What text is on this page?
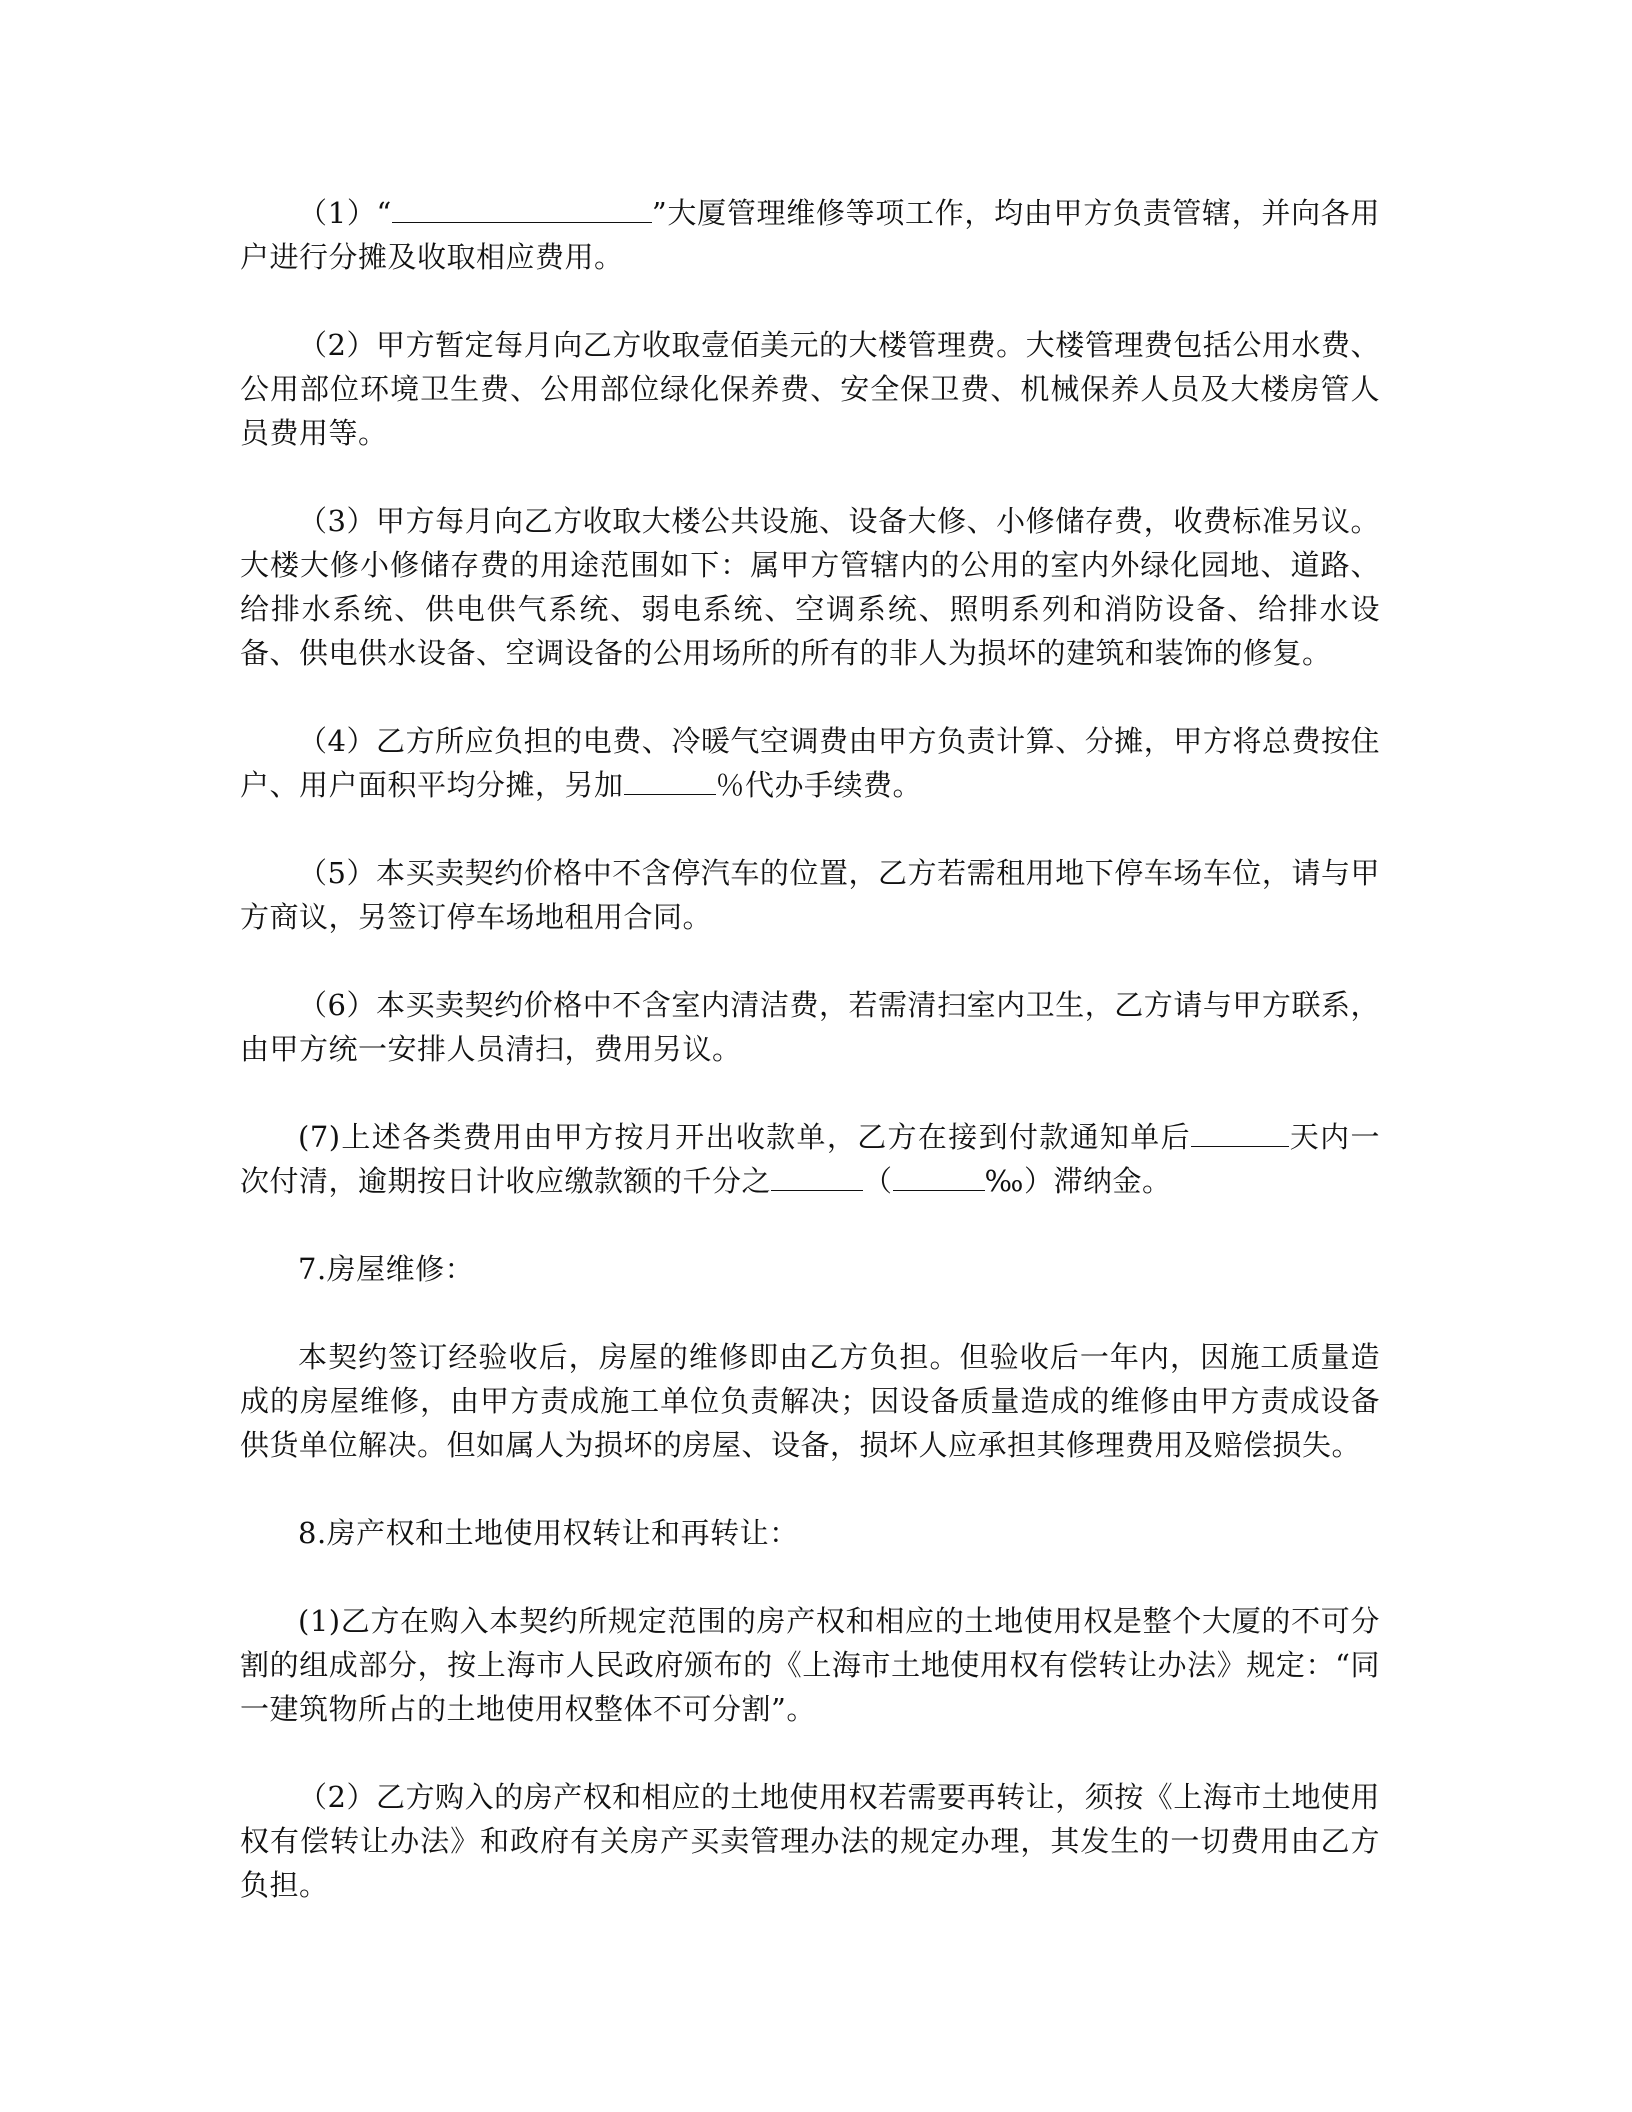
（1）“	”大厦管理维修等项工作，均由甲方负责管辖，并向各用户进行分摊及收取相应费用。

（2）甲方暂定每月向乙方收取壹佰美元的大楼管理费。大楼管理费包括公用水费、公用部位环境卫生费、公用部位绿化保养费、安全保卫费、机械保养人员及大楼房管人员费用等。

（3）甲方每月向乙方收取大楼公共设施、设备大修、小修储存费，收费标准另议。大楼大修小修储存费的用途范围如下：属甲方管辖内的公用的室内外绿化园地、道路、给排水系统、供电供气系统、弱电系统、空调系统、照明系列和消防设备、给排水设备、供电供水设备、空调设备的公用场所的所有的非人为损坏的建筑和装饰的修复。

（4）乙方所应负担的电费、冷暖气空调费由甲方负责计算、分摊，甲方将总费按住户、用户面积平均分摊，另加	％代办手续费。

（5）本买卖契约价格中不含停汽车的位置，乙方若需租用地下停车场车位，请与甲方商议，另签订停车场地租用合同。

（6）本买卖契约价格中不含室内清洁费，若需清扫室内卫生，乙方请与甲方联系，由甲方统一安排人员清扫，费用另议。

(7)上述各类费用由甲方按月开出收款单，乙方在接到付款通知单后	天内一次付清，逾期按日计收应缴款额的千分之	（	‰）滞纳金。

7.房屋维修：

本契约签订经验收后，房屋的维修即由乙方负担。但验收后一年内，因施工质量造成的房屋维修，由甲方责成施工单位负责解决；因设备质量造成的维修由甲方责成设备供货单位解决。但如属人为损坏的房屋、设备，损坏人应承担其修理费用及赔偿损失。

8.房产权和土地使用权转让和再转让：

(1)乙方在购入本契约所规定范围的房产权和相应的土地使用权是整个大厦的不可分割的组成部分，按上海市人民政府颁布的《上海市土地使用权有偿转让办法》规定：“同一建筑物所占的土地使用权整体不可分割”。

（2）乙方购入的房产权和相应的土地使用权若需要再转让，须按《上海市土地使用权有偿转让办法》和政府有关房产买卖管理办法的规定办理，其发生的一切费用由乙方负担。
